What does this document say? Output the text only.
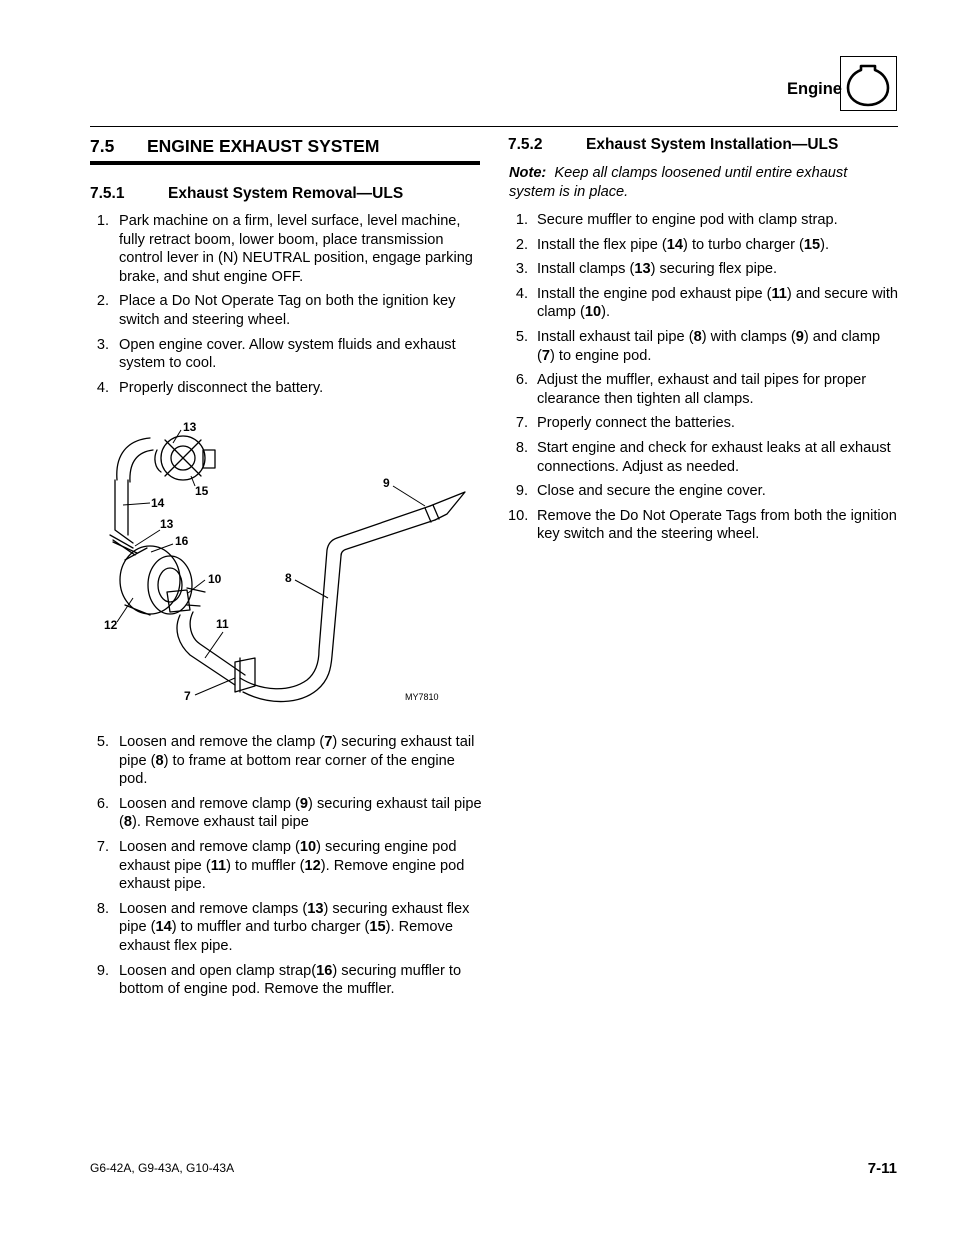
Engine
7.5 ENGINE EXHAUST SYSTEM
7.5.1	Exhaust System Removal—ULS
1. Park machine on a firm, level surface, level machine, fully retract boom, lower boom, place transmission control lever in (N) NEUTRAL position, engage parking brake, and shut engine OFF.
2. Place a Do Not Operate Tag on both the ignition key switch and steering wheel.
3. Open engine cover. Allow system fluids and exhaust system to cool.
4. Properly disconnect the battery.
13
15
14
13
16
10
12	11
7
8
9
MY7810
5. Loosen and remove the clamp (7) securing exhaust tail pipe (8) to frame at bottom rear corner of the engine pod.
6. Loosen and remove clamp (9) securing exhaust tail pipe (8). Remove exhaust tail pipe
7. Loosen and remove clamp (10) securing engine pod exhaust pipe (11) to muffler (12). Remove engine pod exhaust pipe.
8. Loosen and remove clamps (13) securing exhaust flex pipe (14) to muffler and turbo charger (15). Remove exhaust flex pipe.
9. Loosen and open clamp strap(16) securing muffler to bottom of engine pod. Remove the muffler.
7.5.2	Exhaust System Installation—ULS
Note: Keep all clamps loosened until entire exhaust system is in place.
1. Secure muffler to engine pod with clamp strap.
2. Install the flex pipe (14) to turbo charger (15).
3. Install clamps (13) securing flex pipe.
4. Install the engine pod exhaust pipe (11) and secure with clamp (10).
5. Install exhaust tail pipe (8) with clamps (9) and clamp (7) to engine pod.
6. Adjust the muffler, exhaust and tail pipes for proper clearance then tighten all clamps.
7. Properly connect the batteries.
8. Start engine and check for exhaust leaks at all exhaust connections. Adjust as needed.
9. Close and secure the engine cover.
10. Remove the Do Not Operate Tags from both the ignition key switch and the steering wheel.
G6-42A, G9-43A, G10-43A	7-11
